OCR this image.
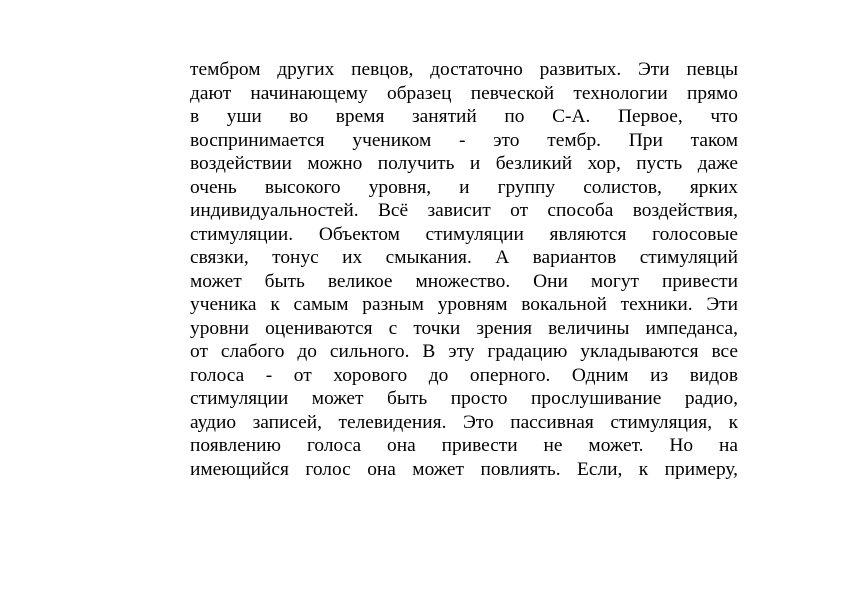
тембром других певцов, достаточно развитых. Эти певцы
дают начинающему образец певческой технологии прямо
в уши во время занятий по С-А. Первое, что
воспринимается учеником - это тембр. При таком
воздействии можно получить и безликий хор, пусть даже
очень высокого уровня, и группу солистов, ярких
индивидуальностей. Всё зависит от способа воздействия,
стимуляции. Объектом стимуляции являются голосовые
связки, тонус их смыкания. А вариантов стимуляций
может быть великое множество. Они могут привести
ученика к самым разным уровням вокальной техники. Эти
уровни оцениваются с точки зрения величины импеданса,
от слабого до сильного. В эту градацию укладываются все
голоса - от хорового до оперного. Одним из видов
стимуляции может быть просто прослушивание радио,
аудио записей, телевидения. Это пассивная стимуляция, к
появлению голоса она привести не может. Но на
имеющийся голос она может повлиять. Если, к примеру,
